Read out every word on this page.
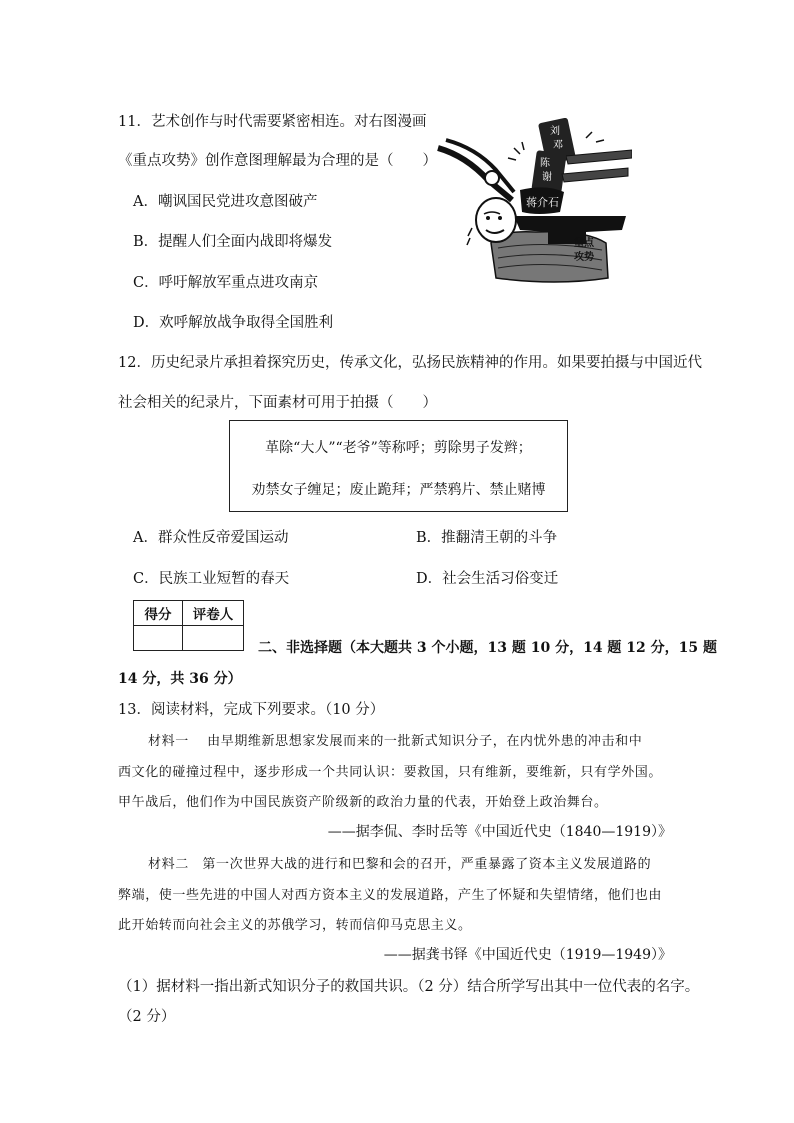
11．艺术创作与时代需要紧密相连。对右图漫画
《重点攻势》创作意图理解最为合理的是（　　）
A．嘲讽国民党进攻意图破产
B．提醒人们全面内战即将爆发
C．呼吁解放军重点进攻南京
D．欢呼解放战争取得全国胜利
刘
邓
陈
谢
蒋介石
重点
攻势
12．历史纪录片承担着探究历史，传承文化，弘扬民族精神的作用。如果要拍摄与中国近代
社会相关的纪录片，下面素材可用于拍摄（　　）
革除“大人”“老爷”等称呼；剪除男子发辫；
劝禁女子缠足；废止跪拜；严禁鸦片、禁止赌博
A．群众性反帝爱国运动	B．推翻清王朝的斗争
C．民族工业短暂的春天	D．社会生活习俗变迁
得分	评卷人

二、非选择题（本大题共 3 个小题，13 题 10 分，14 题 12 分，15 题
14 分，共 36 分）
13．阅读材料，完成下列要求。（10 分）
材料一　 由早期维新思想家发展而来的一批新式知识分子，在内忧外患的冲击和中
西文化的碰撞过程中，逐步形成一个共同认识：要救国，只有维新，要维新，只有学外国。
甲午战后，他们作为中国民族资产阶级新的政治力量的代表，开始登上政治舞台。
——据李侃、李时岳等《中国近代史（1840—1919）》
材料二　第一次世界大战的进行和巴黎和会的召开，严重暴露了资本主义发展道路的
弊端，使一些先进的中国人对西方资本主义的发展道路，产生了怀疑和失望情绪，他们也由
此开始转而向社会主义的苏俄学习，转而信仰马克思主义。
——据龚书铎《中国近代史（1919—1949）》
（1）据材料一指出新式知识分子的救国共识。（2 分）结合所学写出其中一位代表的名字。
（2 分）
